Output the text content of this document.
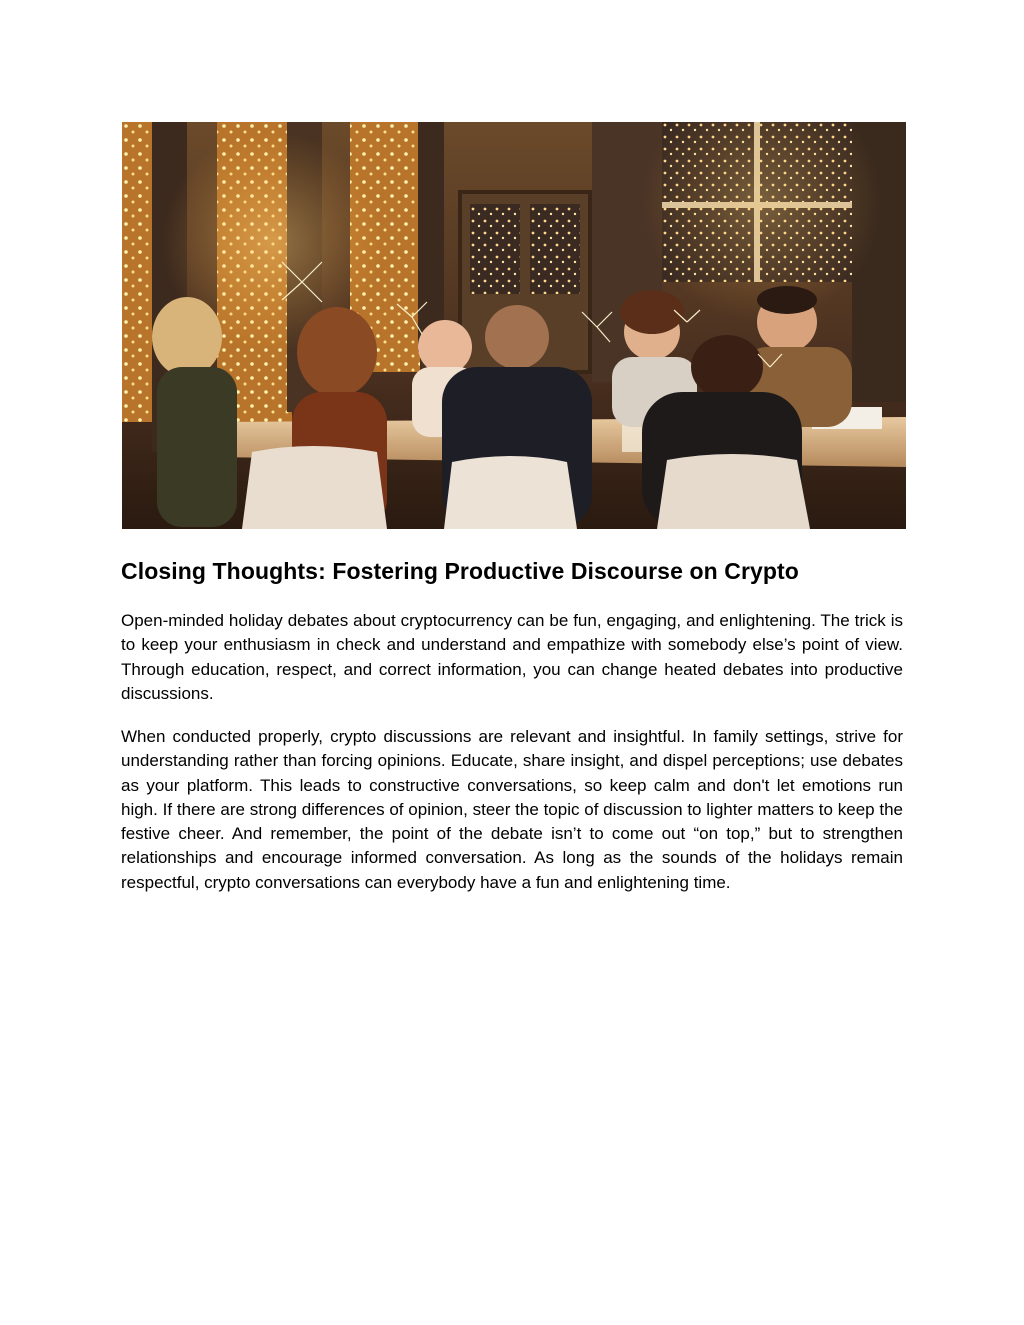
Closing Thoughts: Fostering Productive Discourse on Crypto

Open-minded holiday debates about cryptocurrency can be fun, engaging, and enlightening. The trick is to keep your enthusiasm in check and understand and empathize with somebody else’s point of view. Through education, respect, and correct information, you can change heated debates into productive discussions.

When conducted properly, crypto discussions are relevant and insightful. In family settings, strive for understanding rather than forcing opinions. Educate, share insight, and dispel perceptions; use debates as your platform. This leads to constructive conversations, so keep calm and don't let emotions run high. If there are strong differences of opinion, steer the topic of discussion to lighter matters to keep the festive cheer. And remember, the point of the debate isn’t to come out “on top,” but to strengthen relationships and encourage informed conversation. As long as the sounds of the holidays remain respectful, crypto conversations can everybody have a fun and enlightening time.
